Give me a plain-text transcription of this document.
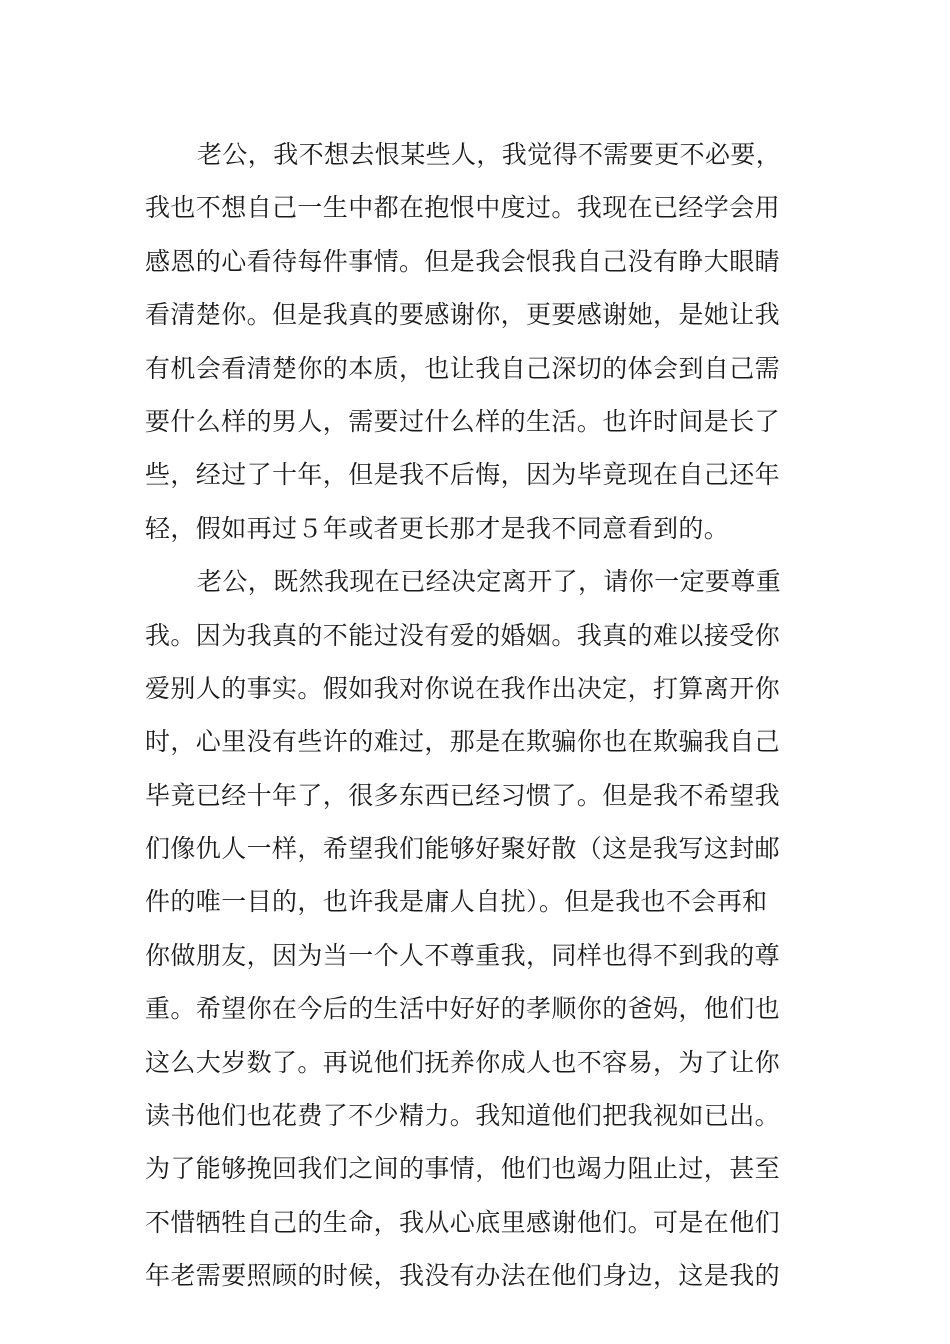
老公，我不想去恨某些人，我觉得不需要更不必要，
我也不想自己一生中都在抱恨中度过。我现在已经学会用
感恩的心看待每件事情。但是我会恨我自己没有睁大眼睛
看清楚你。但是我真的要感谢你，更要感谢她，是她让我
有机会看清楚你的本质，也让我自己深切的体会到自己需
要什么样的男人，需要过什么样的生活。也许时间是长了
些，经过了十年，但是我不后悔，因为毕竟现在自己还年
轻，假如再过５年或者更长那才是我不同意看到的。
老公，既然我现在已经决定离开了，请你一定要尊重
我。因为我真的不能过没有爱的婚姻。我真的难以接受你
爱别人的事实。假如我对你说在我作出决定，打算离开你
时，心里没有些许的难过，那是在欺骗你也在欺骗我自己
毕竟已经十年了，很多东西已经习惯了。但是我不希望我
们像仇人一样，希望我们能够好聚好散（这是我写这封邮
件的唯一目的，也许我是庸人自扰）。但是我也不会再和
你做朋友，因为当一个人不尊重我，同样也得不到我的尊
重。希望你在今后的生活中好好的孝顺你的爸妈，他们也
这么大岁数了。再说他们抚养你成人也不容易，为了让你
读书他们也花费了不少精力。我知道他们把我视如已出。
为了能够挽回我们之间的事情，他们也竭力阻止过，甚至
不惜牺牲自己的生命，我从心底里感谢他们。可是在他们
年老需要照顾的时候，我没有办法在他们身边，这是我的
